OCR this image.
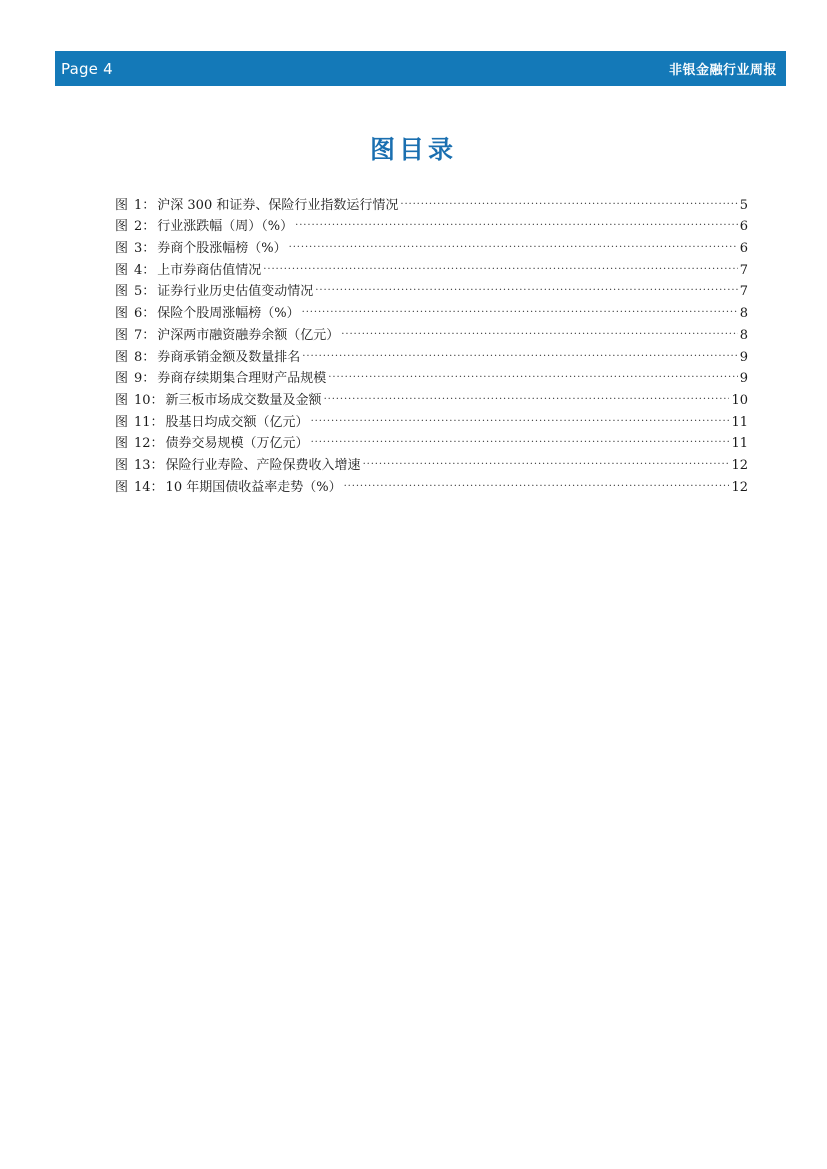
Page 4	非银金融行业周报
图目录
图 1： 沪深 300 和证券、保险行业指数运行情况 .....	5
图 2： 行业涨跌幅（周）（%） .....	6
图 3： 券商个股涨幅榜（%） .....	6
图 4： 上市券商估值情况 .....	7
图 5： 证券行业历史估值变动情况 .....	7
图 6： 保险个股周涨幅榜（%） .....	8
图 7： 沪深两市融资融券余额（亿元） .....	8
图 8： 券商承销金额及数量排名 .....	9
图 9： 券商存续期集合理财产品规模 .....	9
图 10： 新三板市场成交数量及金额 .....	10
图 11： 股基日均成交额（亿元） .....	11
图 12： 债券交易规模（万亿元） .....	11
图 13： 保险行业寿险、产险保费收入增速 .....	12
图 14： 10 年期国债收益率走势（%） .....	12
